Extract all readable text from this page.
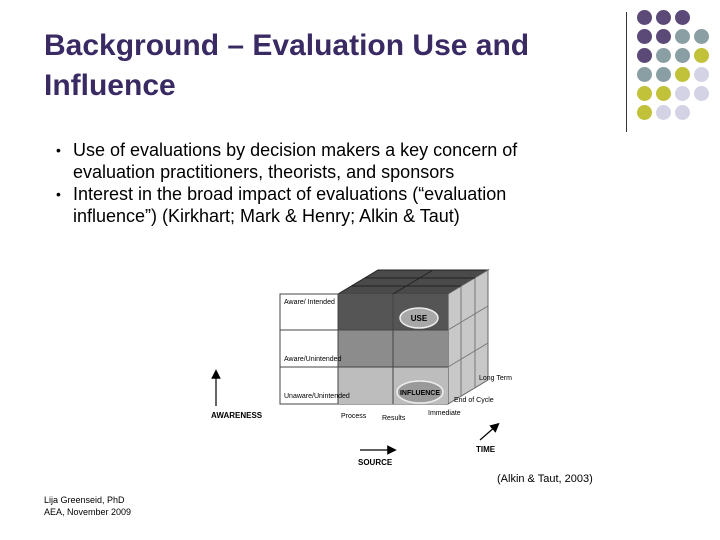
Background – Evaluation Use and
Influence
• Use of evaluations by decision makers a key concern of
evaluation practitioners, theorists, and sponsors
• Interest in the broad impact of evaluations (“evaluation
influence”) (Kirkhart; Mark & Henry; Alkin & Taut)
Aware/ Intended
Aware/Unintended
Unaware/Unintended
Process Results
Long Term
End of Cycle
Immediate
USE
INFLUENCE
AWARENESS
SOURCE
TIME
(Alkin & Taut, 2003)
Lija Greenseid, PhD
AEA, November 2009
